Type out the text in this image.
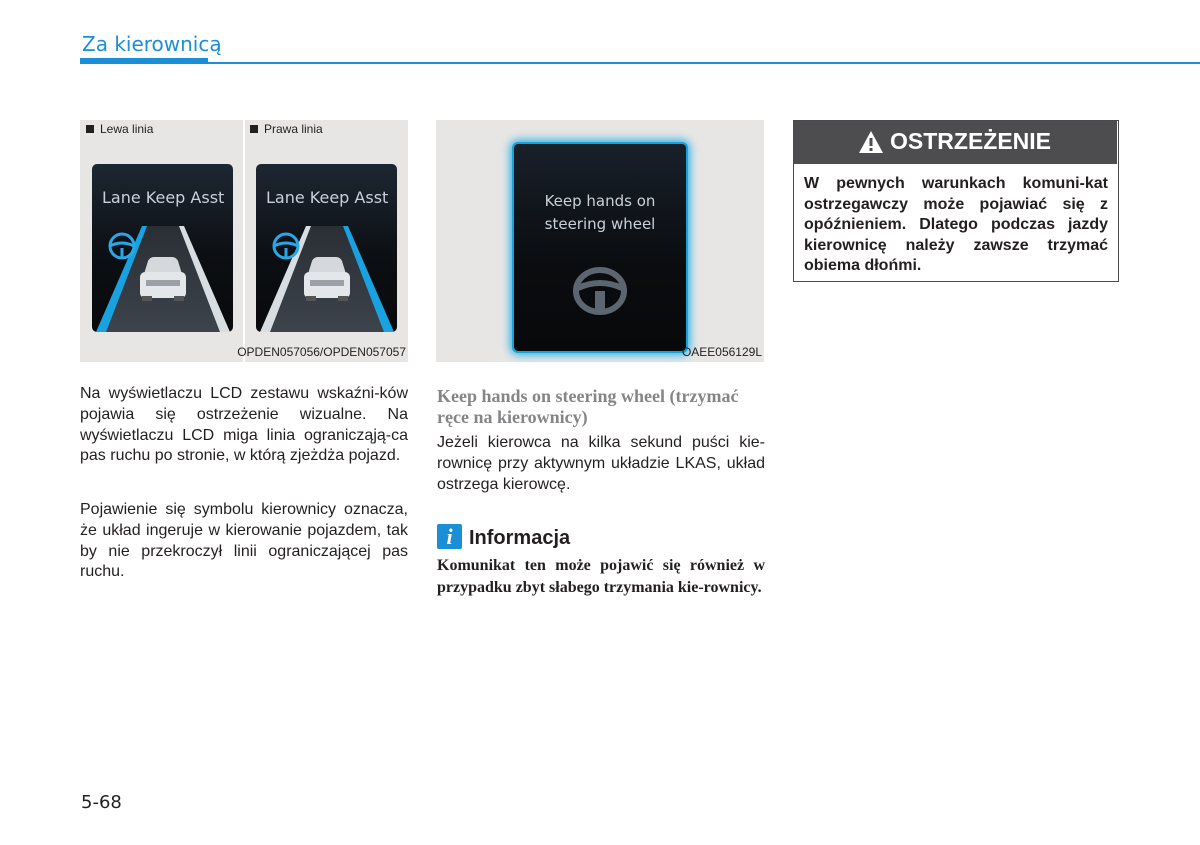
Za kierownicą
Lewa linia	Prawa linia
Lane Keep Asst	Lane Keep Asst
OPDEN057056/OPDEN057057
Keep hands on
steering wheel
OAEE056129L
Na wyświetlaczu LCD zestawu wskaźni-ków pojawia się ostrzeżenie wizualne. Na wyświetlaczu LCD miga linia ogranicząją-ca pas ruchu po stronie, w którą zjeżdża pojazd.
Pojawienie się symbolu kierownicy oznacza, że układ ingeruje w kierowanie pojazdem, tak by nie przekroczył linii ograniczającej pas ruchu.
Keep hands on steering wheel (trzymać ręce na kierownicy)
Jeżeli kierowca na kilka sekund puści kie-rownicę przy aktywnym układzie LKAS, układ ostrzega kierowcę.
i Informacja
Komunikat ten może pojawić się również w przypadku zbyt słabego trzymania kie-rownicy.
OSTRZEŻENIE
W pewnych warunkach komuni-kat ostrzegawczy może pojawiać się z opóźnieniem. Dlatego podczas jazdy kierownicę należy zawsze trzymać obiema dłońmi.
5-68
